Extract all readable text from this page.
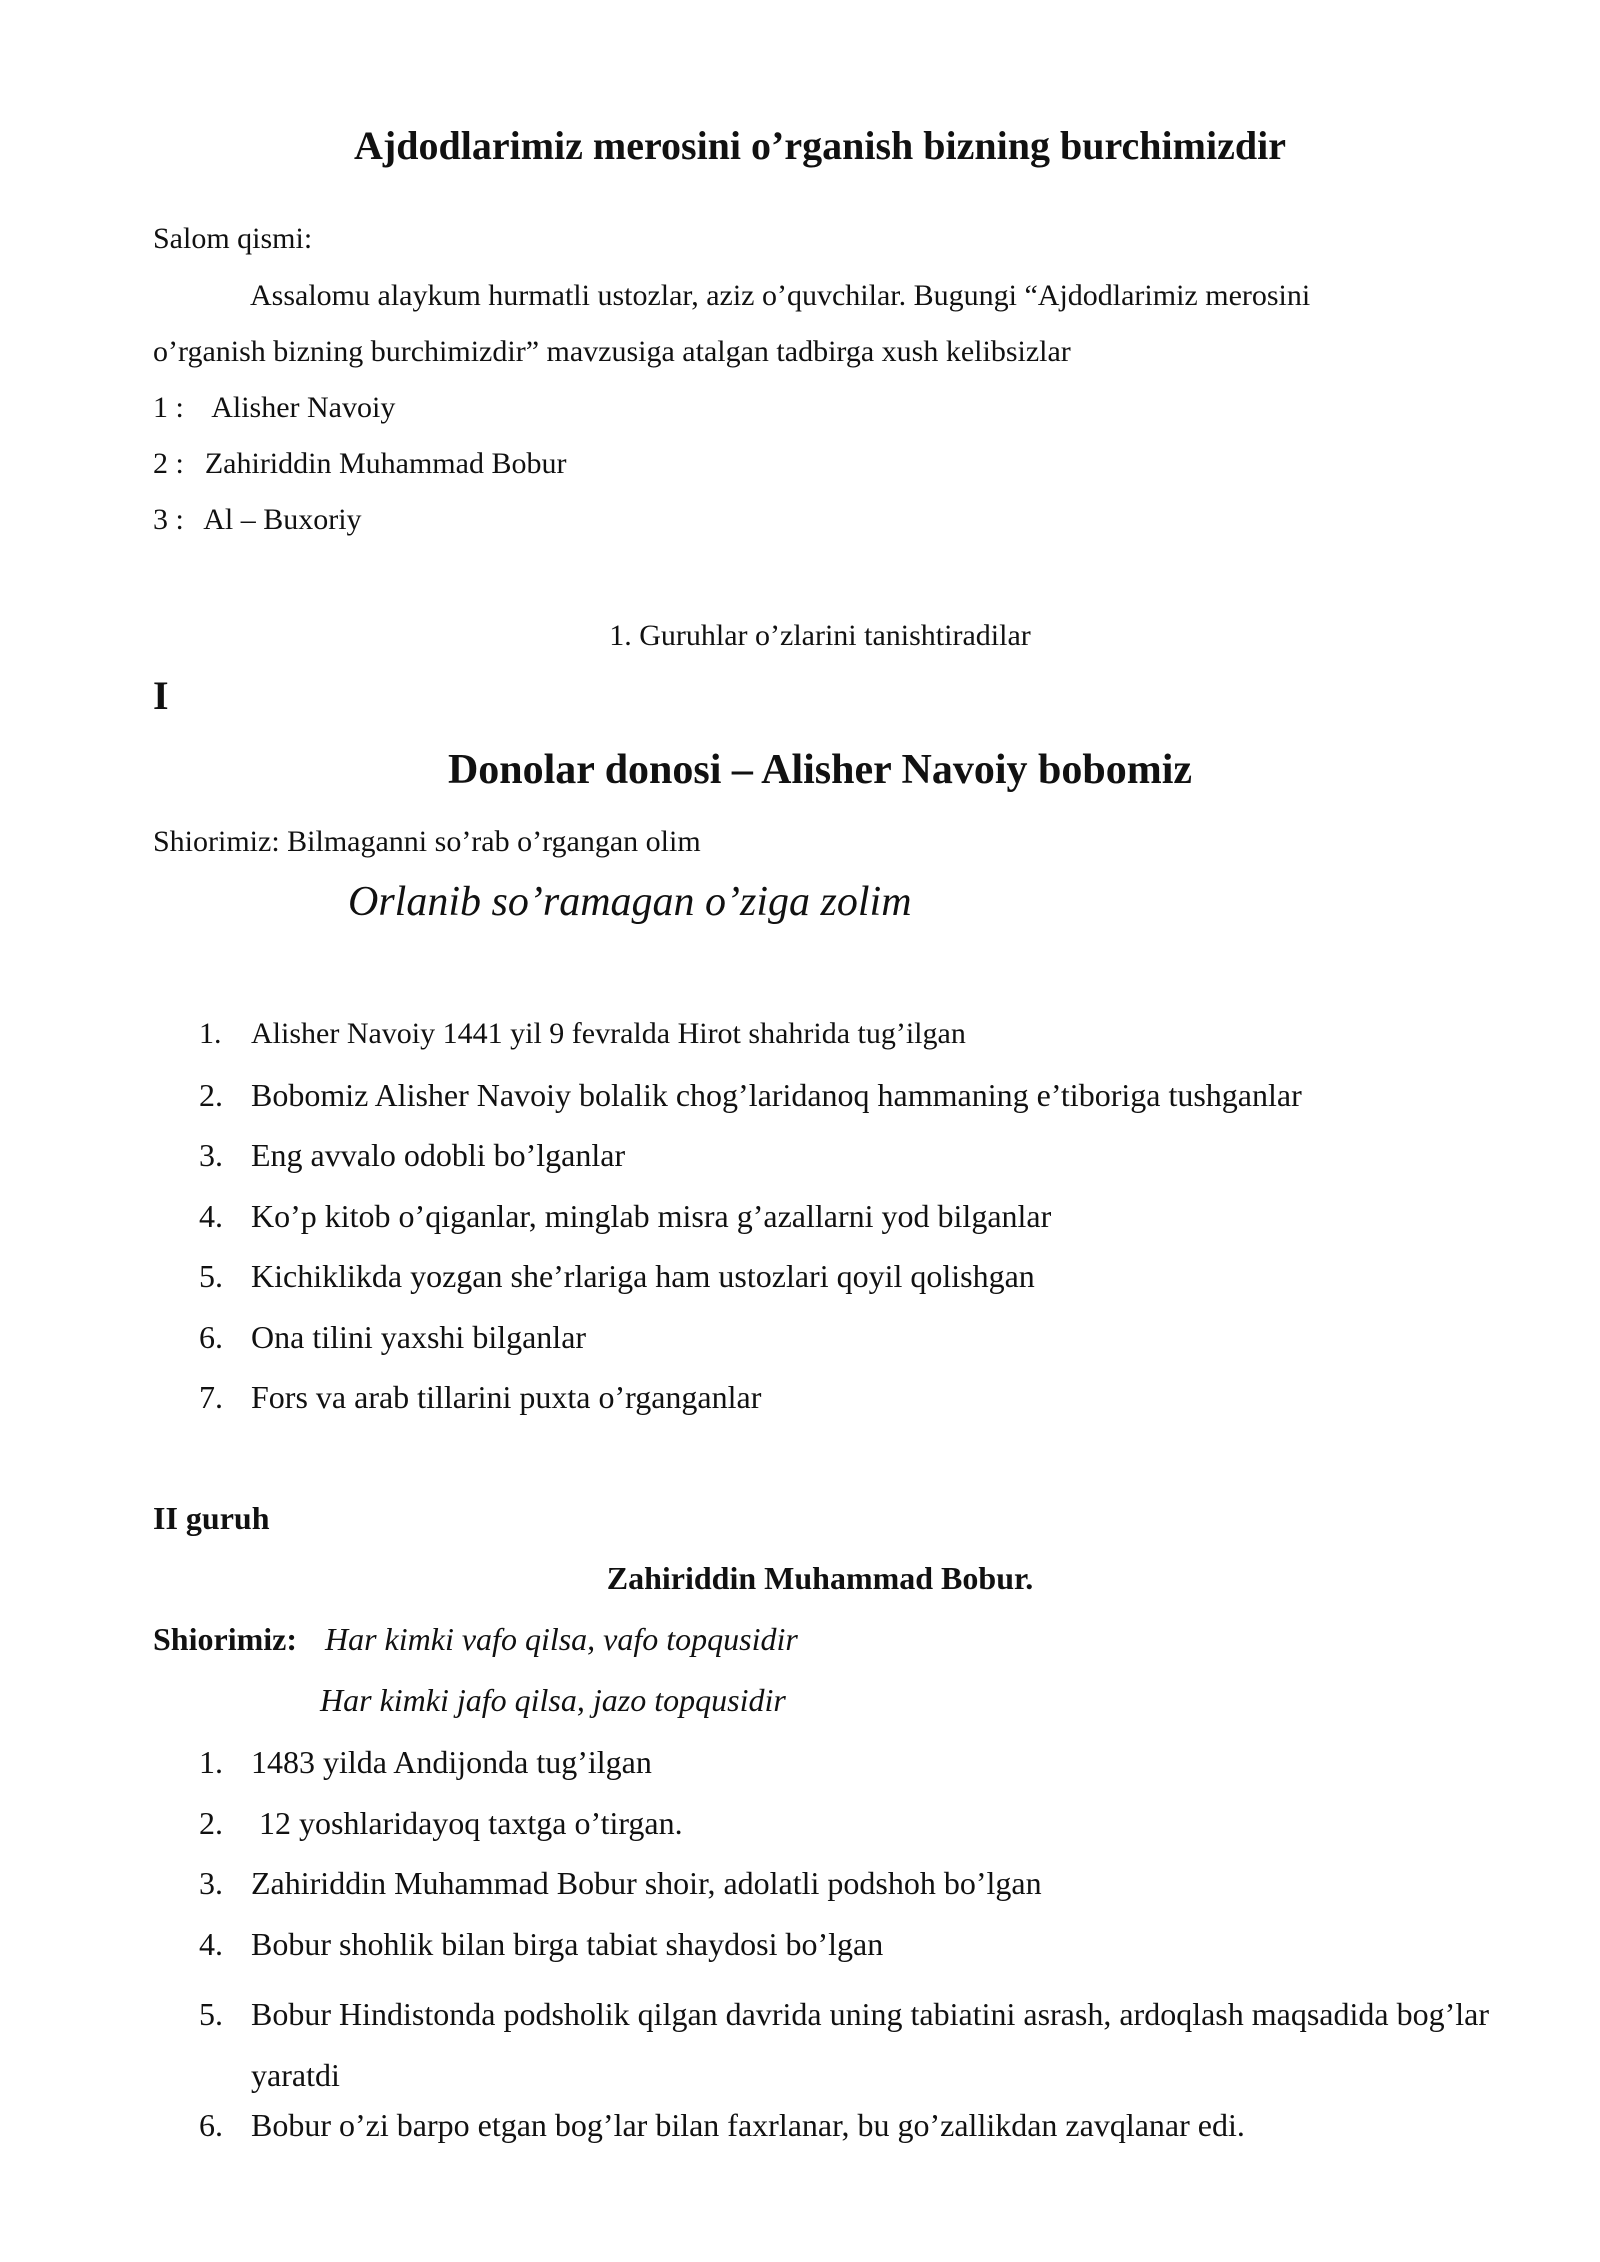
Ajdodlarimiz merosini o’rganish bizning burchimizdir
Salom qismi:
Assalomu alaykum hurmatli ustozlar, aziz o’quvchilar. Bugungi “Ajdodlarimiz merosini
o’rganish bizning burchimizdir” mavzusiga atalgan tadbirga xush kelibsizlar
1 : Alisher Navoiy
2 : Zahiriddin Muhammad Bobur
3 : Al – Buxoriy
1. Guruhlar o’zlarini tanishtiradilar
I
Donolar donosi – Alisher Navoiy bobomiz
Shiorimiz: Bilmaganni so’rab o’rgangan olim
Orlanib so’ramagan o’ziga zolim
1. Alisher Navoiy 1441 yil 9 fevralda Hirot shahrida tug’ilgan
2. Bobomiz Alisher Navoiy bolalik chog’laridanoq hammaning e’tiboriga tushganlar
3. Eng avvalo odobli bo’lganlar
4. Ko’p kitob o’qiganlar, minglab misra g’azallarni yod bilganlar
5. Kichiklikda yozgan she’rlariga ham ustozlari qoyil qolishgan
6. Ona tilini yaxshi bilganlar
7. Fors va arab tillarini puxta o’rganganlar
II guruh
Zahiriddin Muhammad Bobur.
Shiorimiz: Har kimki vafo qilsa, vafo topqusidir
Har kimki jafo qilsa, jazo topqusidir
1. 1483 yilda Andijonda tug’ilgan
2. 12 yoshlaridayoq taxtga o’tirgan.
3. Zahiriddin Muhammad Bobur shoir, adolatli podshoh bo’lgan
4. Bobur shohlik bilan birga tabiat shaydosi bo’lgan
5. Bobur Hindistonda podsholik qilgan davrida uning tabiatini asrash, ardoqlash maqsadida bog’lar yaratdi
6. Bobur o’zi barpo etgan bog’lar bilan faxrlanar, bu go’zallikdan zavqlanar edi.
